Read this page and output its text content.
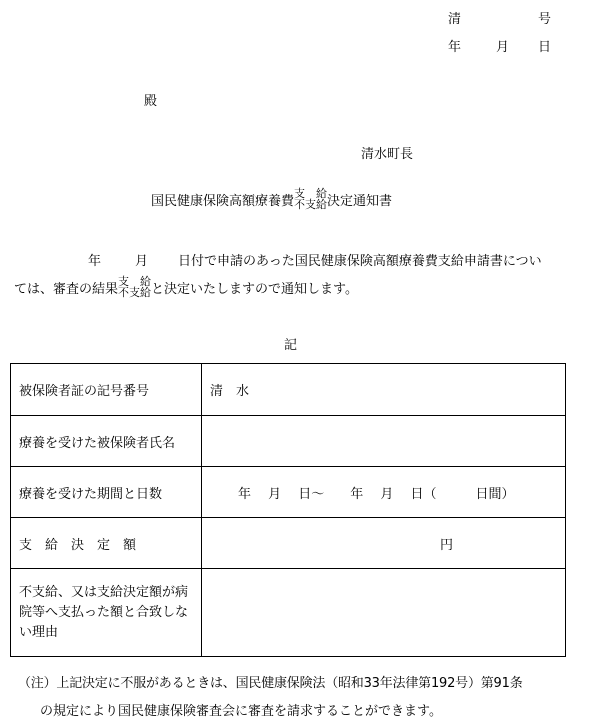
清	号
年	月 日
殿
清水町長
国民健康保険高額療養費 支　給
不支給 決定通知書
年	月 日付で申請のあった国民健康保険高額療養費支給申請書につい
ては、審査の結果 支　給
不支給 と決定いたしますので通知します。
記
被保険者証の記号番号	清　水
療養を受けた被保険者氏名	
療養を受けた期間と日数	年　 月　 日～　　年　 月　 日（　　　日間）
支　給　決　定　額	円
不支給、又は支給決定額が病院等へ支払った額と合致しない理由	
（注）上記決定に不服があるときは、国民健康保険法（昭和33年法律第192号）第91条
の規定により国民健康保険審査会に審査を請求することができます。
